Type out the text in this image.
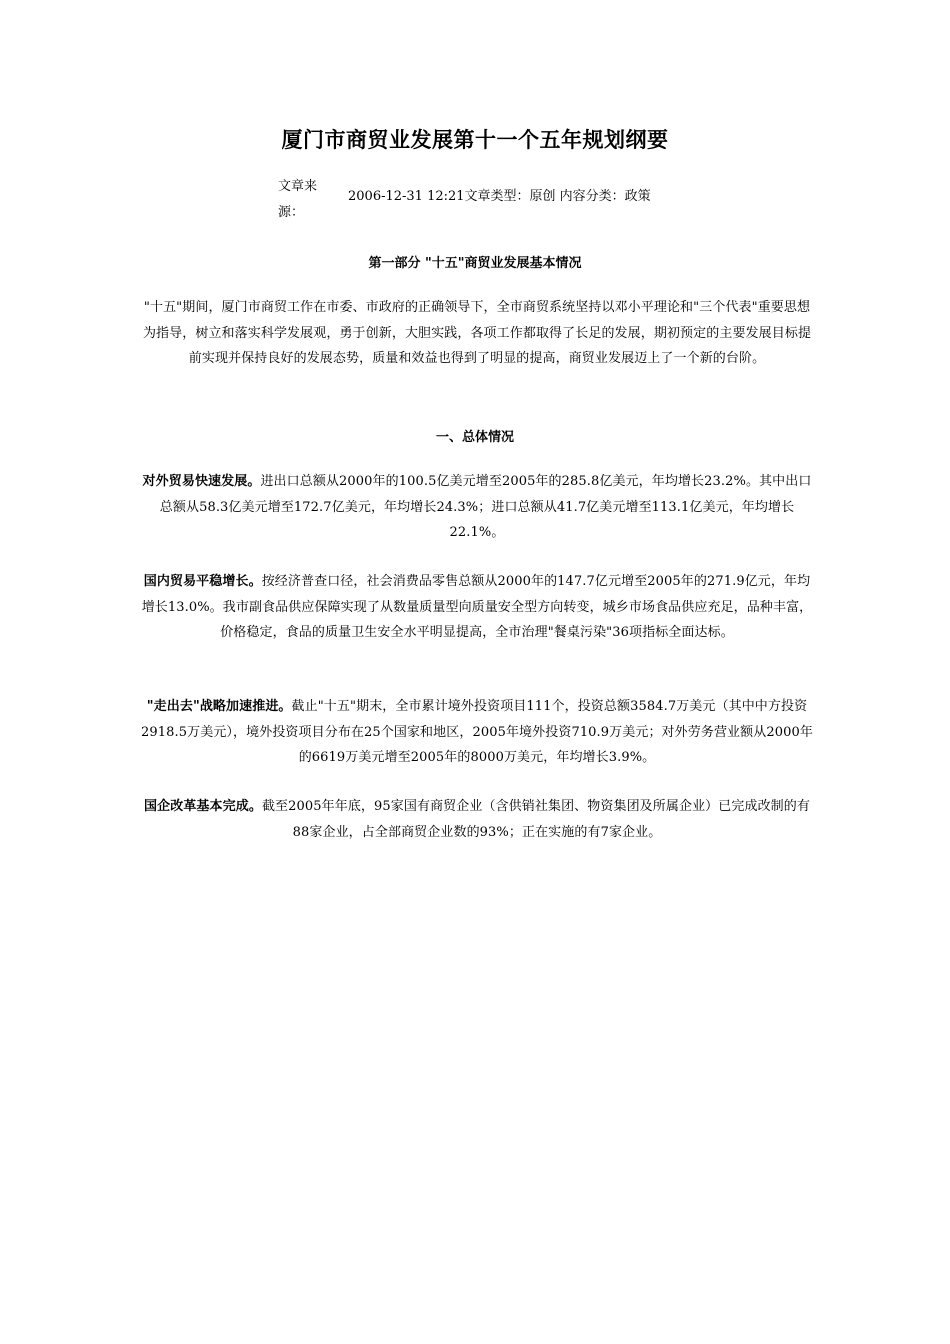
厦门市商贸业发展第十一个五年规划纲要
文章来源：
2006-12-31 12:21文章类型：原创 内容分类：政策
第一部分 "十五"商贸业发展基本情况
"十五"期间，厦门市商贸工作在市委、市政府的正确领导下，全市商贸系统坚持以邓小平理论和"三个代表"重要思想为指导，树立和落实科学发展观，勇于创新，大胆实践，各项工作都取得了长足的发展，期初预定的主要发展目标提前实现并保持良好的发展态势，质量和效益也得到了明显的提高，商贸业发展迈上了一个新的台阶。
一、总体情况
对外贸易快速发展。进出口总额从2000年的100.5亿美元增至2005年的285.8亿美元，年均增长23.2%。其中出口总额从58.3亿美元增至172.7亿美元，年均增长24.3%；进口总额从41.7亿美元增至113.1亿美元，年均增长22.1%。
国内贸易平稳增长。按经济普查口径，社会消费品零售总额从2000年的147.7亿元增至2005年的271.9亿元，年均增长13.0%。我市副食品供应保障实现了从数量质量型向质量安全型方向转变，城乡市场食品供应充足，品种丰富，价格稳定，食品的质量卫生安全水平明显提高，全市治理"餐桌污染"36项指标全面达标。
"走出去"战略加速推进。截止"十五"期末，全市累计境外投资项目111个，投资总额3584.7万美元（其中中方投资2918.5万美元），境外投资项目分布在25个国家和地区，2005年境外投资710.9万美元；对外劳务营业额从2000年的6619万美元增至2005年的8000万美元，年均增长3.9%。
国企改革基本完成。截至2005年年底，95家国有商贸企业（含供销社集团、物资集团及所属企业）已完成改制的有88家企业，占全部商贸企业数的93%；正在实施的有7家企业。
